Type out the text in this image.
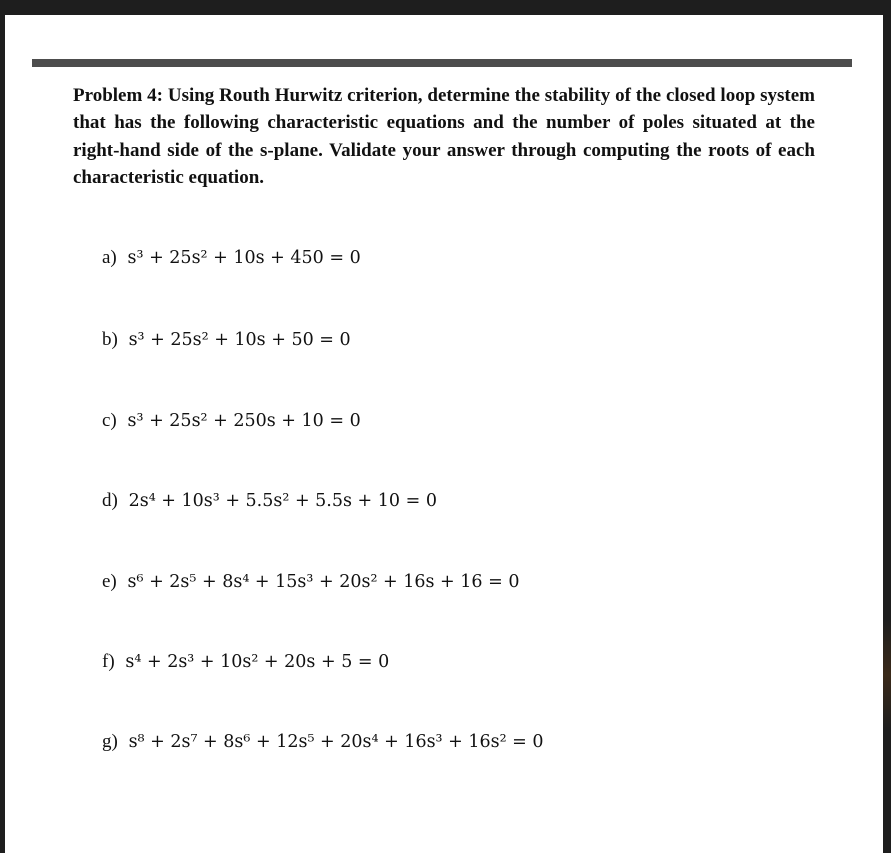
Problem 4: Using Routh Hurwitz criterion, determine the stability of the closed loop system that has the following characteristic equations and the number of poles situated at the right-hand side of the s-plane. Validate your answer through computing the roots of each characteristic equation.

a) s³ + 25s² + 10s + 450 = 0

b) s³ + 25s² + 10s + 50 = 0

c) s³ + 25s² + 250s + 10 = 0

d) 2s⁴ + 10s³ + 5.5s² + 5.5s + 10 = 0

e) s⁶ + 2s⁵ + 8s⁴ + 15s³ + 20s² + 16s + 16 = 0

f) s⁴ + 2s³ + 10s² + 20s + 5 = 0

g) s⁸ + 2s⁷ + 8s⁶ + 12s⁵ + 20s⁴ + 16s³ + 16s² = 0
